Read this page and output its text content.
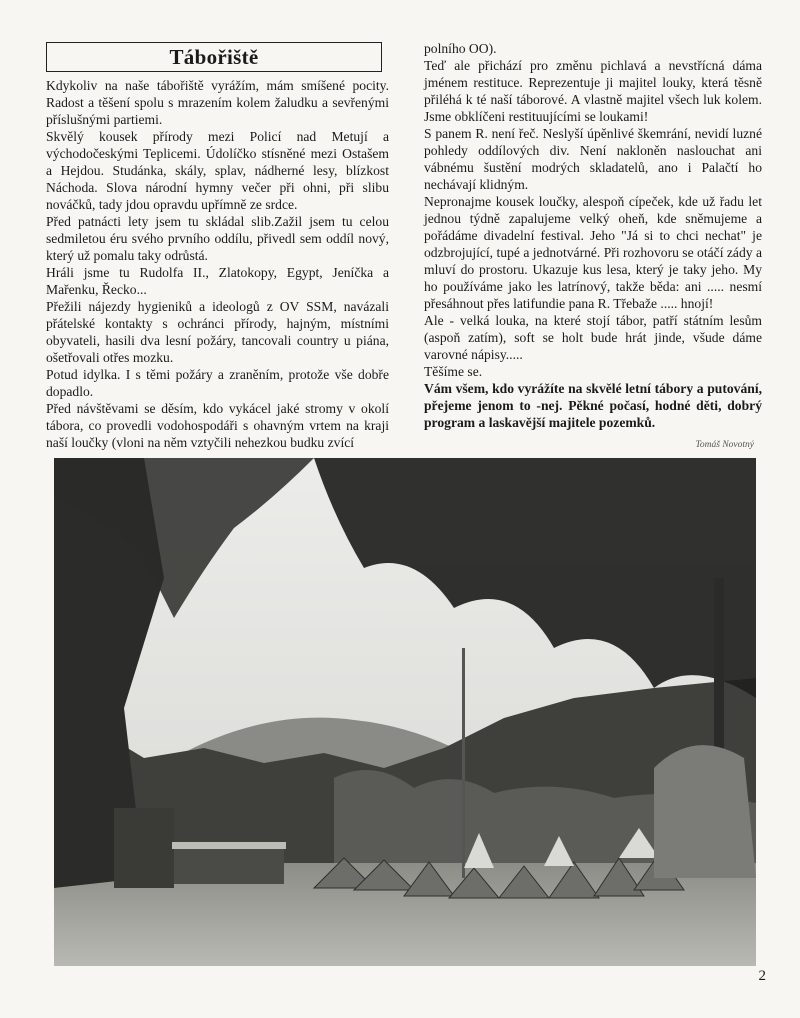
Tábořiště

Kdykoliv na naše tábořiště vyrážím, mám smíšené pocity. Radost a těšení spolu s mrazením kolem žaludku a sevřenými příslušnými partiemi.

Skvělý kousek přírody mezi Policí nad Metují a východočeskými Teplicemi. Údolíčko stísněné mezi Ostašem a Hejdou. Studánka, skály, splav, nádherné lesy, blízkost Náchoda. Slova národní hymny večer při ohni, při slibu nováčků, tady jdou opravdu upřímně ze srdce.

Před patnácti lety jsem tu skládal slib.Zažil jsem tu celou sedmiletou éru svého prvního oddílu, přivedl sem oddíl nový, který už pomalu taky odrůstá.

Hráli jsme tu Rudolfa II., Zlatokopy, Egypt, Jeníčka a Mařenku, Řecko...

Přežili nájezdy hygieniků a ideologů z OV SSM, navázali přátelské kontakty s ochránci přírody, hajným, místními obyvateli, hasili dva lesní požáry, tancovali country u piána, ošetřovali otřes mozku.

Potud idylka. I s těmi požáry a zraněním, protože vše dobře dopadlo.

Před návštěvami se děsím, kdo vykácel jaké stromy v okolí tábora, co provedli vodohospodáři s ohavným vrtem na kraji naší loučky (vloni na něm vztyčili nehezkou budku zvící

polního OO).

Teď ale přichází pro změnu pichlavá a nevstřícná dáma jménem restituce. Reprezentuje ji majitel louky, která těsně přiléhá k té naší táborové. A vlastně majitel všech luk kolem. Jsme obklíčeni restituujícími se loukami!

S panem R. není řeč. Neslyší úpěnlivé škemrání, nevidí luzné pohledy oddílových div. Není nakloněn naslouchat ani vábnému šustění modrých skladatelů, ano i Palačtí ho nechávají klidným.

Nepronajme kousek loučky, alespoň cípeček, kde už řadu let jednou týdně zapalujeme velký oheň, kde sněmujeme a pořádáme divadelní festival. Jeho "Já si to chci nechat" je odzbrojující, tupé a jednotvárné. Při rozhovoru se otáčí zády a mluví do prostoru. Ukazuje kus lesa, který je taky jeho. My ho používáme jako les latrínový, takže běda: ani ..... nesmí přesáhnout přes latifundie pana R. Třebaže ..... hnojí!

Ale - velká louka, na které stojí tábor, patří státním lesům (aspoň zatím), soft se holt bude hrát jinde, všude dáme varovné nápisy.....

Těšíme se.

Vám všem, kdo vyrážíte na skvělé letní tábory a putování, přejeme jenom to -nej. Pěkné počasí, hodné děti, dobrý program a laskavější majitele pozemků.

Tomáš Novotný
2
